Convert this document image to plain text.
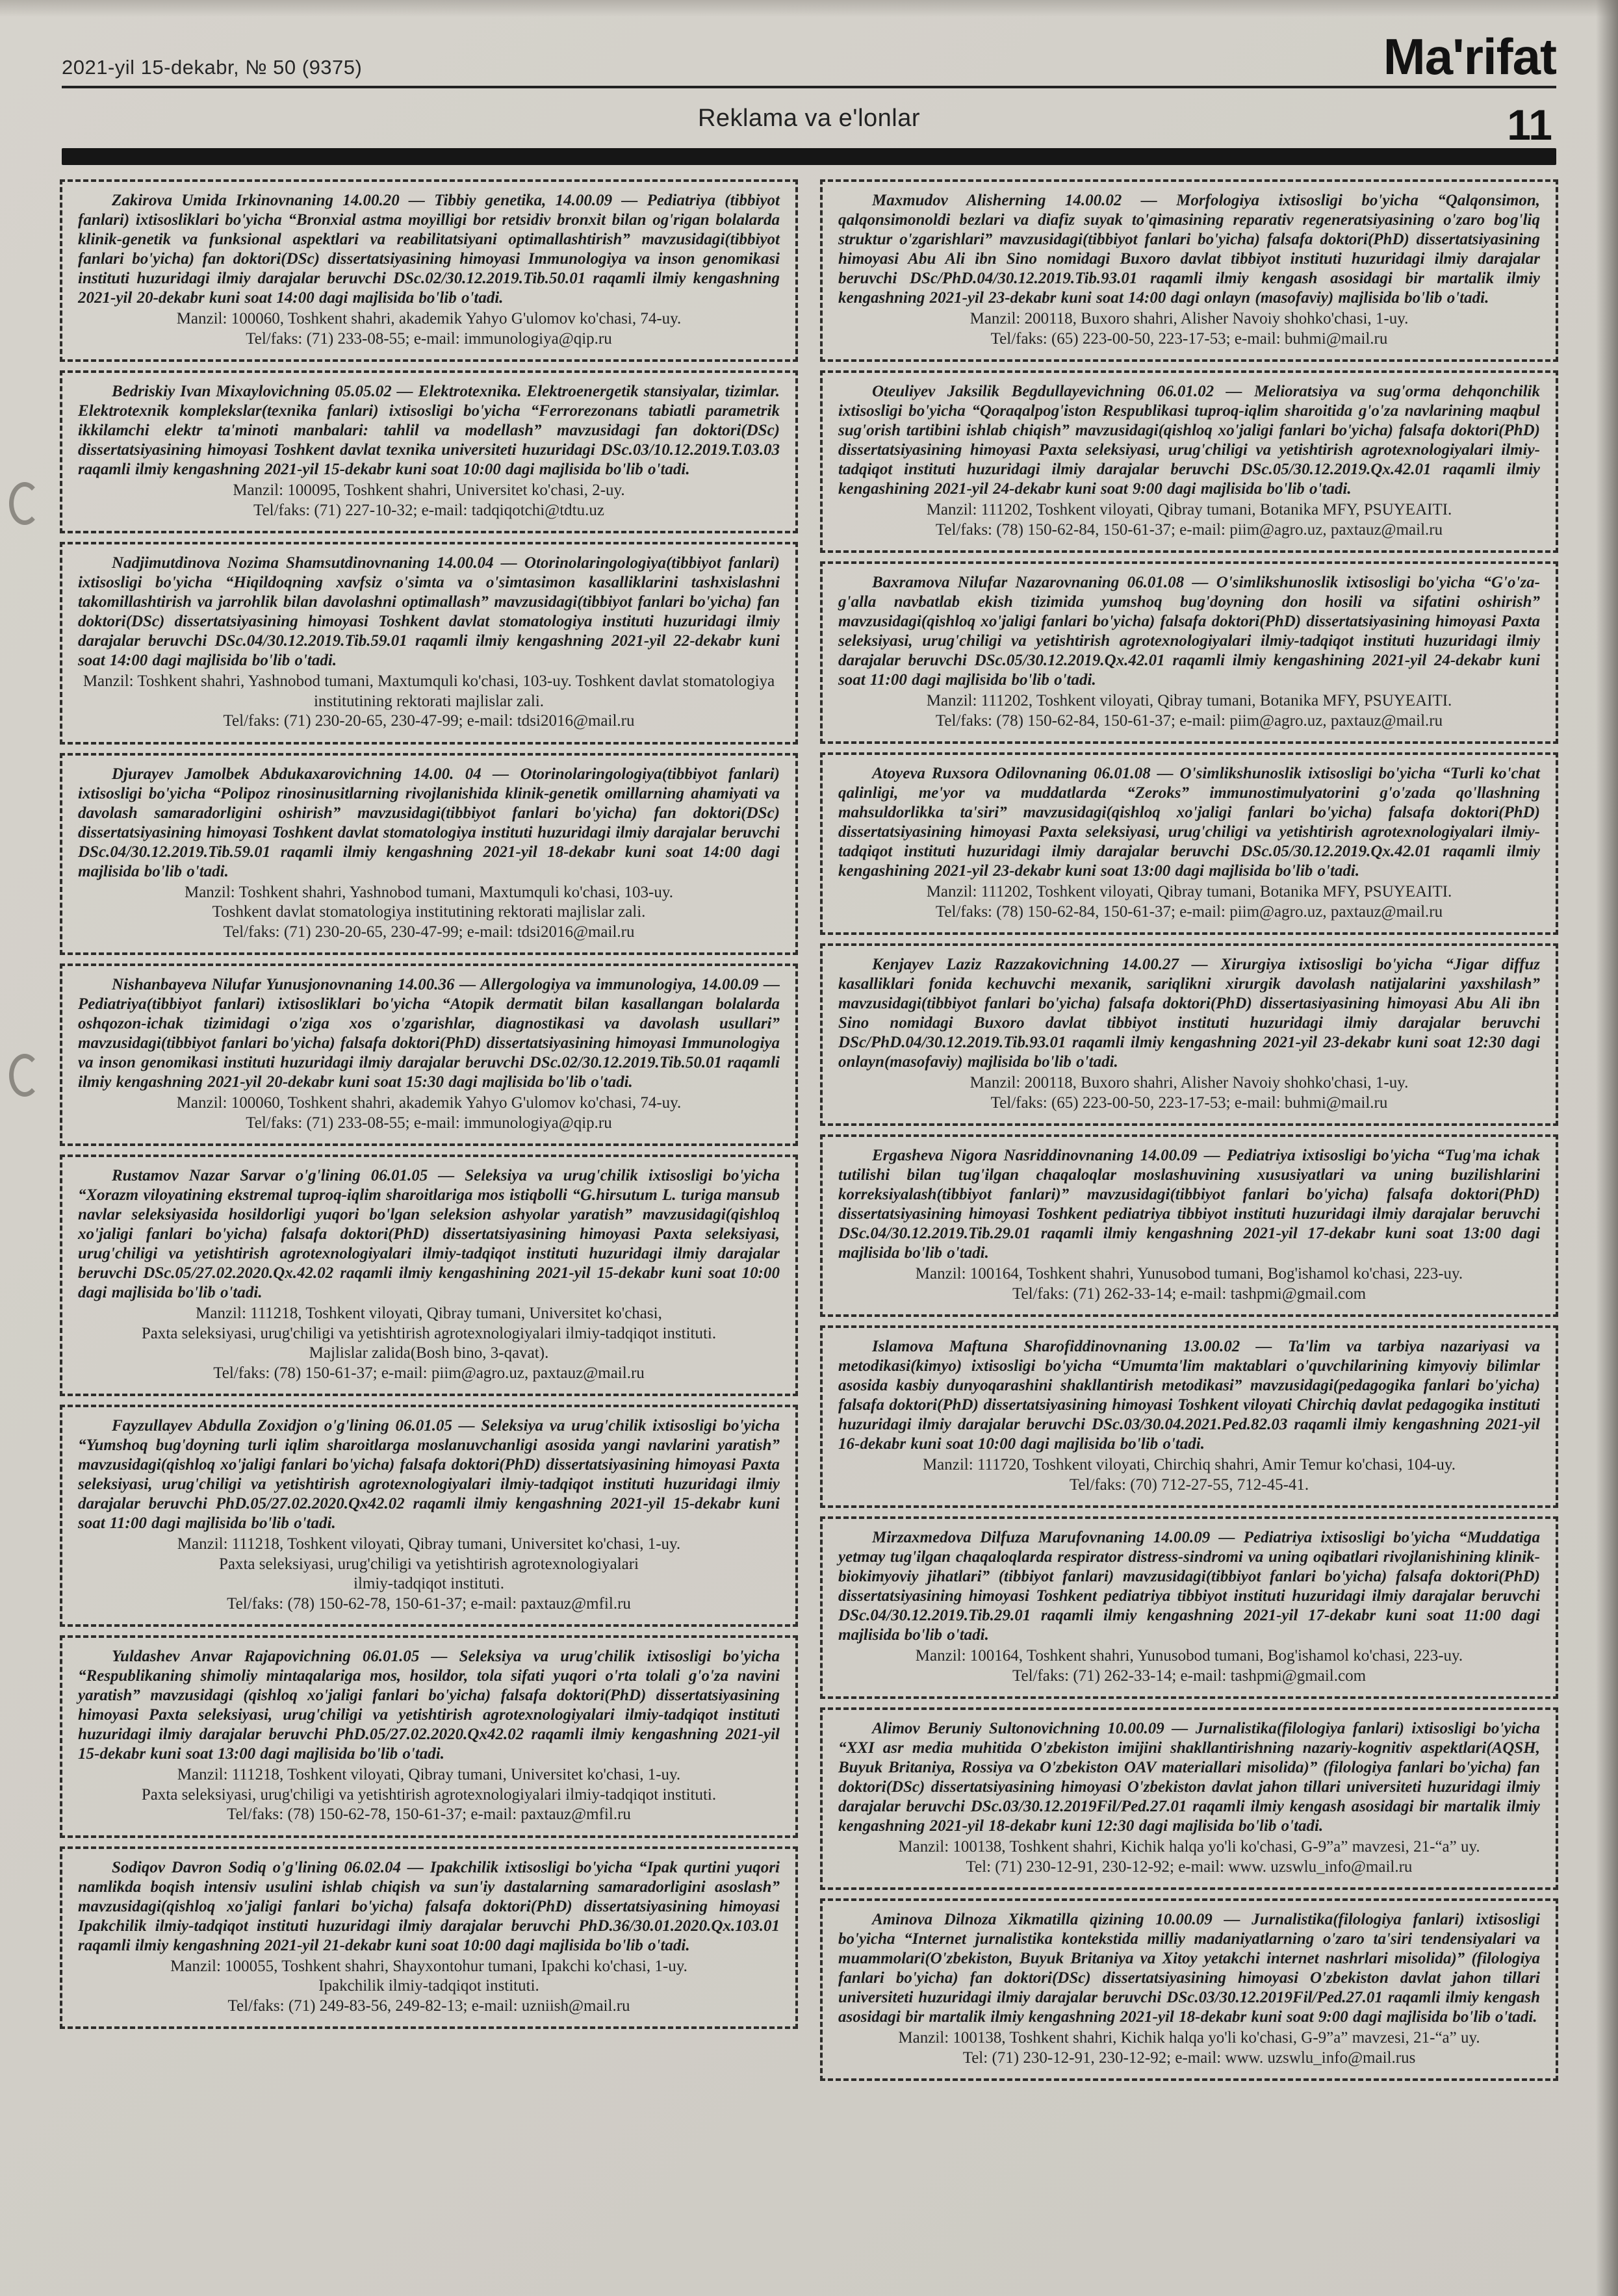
2021-yil 15-dekabr, № 50 (9375)	Ma'rifat
Reklama va e'lonlar	11

Zakirova Umida Irkinovnaning 14.00.20 — Tibbiy genetika, 14.00.09 — Pediatriya (tibbiyot fanlari) ixtisosliklari bo'yicha “Bronxial astma moyilligi bor retsidiv bronxit bilan og'rigan bolalarda klinik-genetik va funksional aspektlari va reabilitatsiyani optimallashtirish” mavzusidagi(tibbiyot fanlari bo'yicha) fan doktori(DSc) dissertatsiyasining himoyasi Immunologiya va inson genomikasi instituti huzuridagi ilmiy darajalar beruvchi DSc.02/30.12.2019.Tib.50.01 raqamli ilmiy kengashning 2021-yil 20-dekabr kuni soat 14:00 dagi majlisida bo'lib o'tadi.

Manzil: 100060, Toshkent shahri, akademik Yahyo G'ulomov ko'chasi, 74-uy.

Tel/faks: (71) 233-08-55; e-mail: immunologiya@qip.ru

Bedriskiy Ivan Mixaylovichning 05.05.02 — Elektrotexnika. Elektroenergetik stansiyalar, tizimlar. Elektrotexnik komplekslar(texnika fanlari) ixtisosligi bo'yicha “Ferrorezonans tabiatli parametrik ikkilamchi elektr ta'minoti manbalari: tahlil va modellash” mavzusidagi fan doktori(DSc) dissertatsiyasining himoyasi Toshkent davlat texnika universiteti huzuridagi DSc.03/10.12.2019.T.03.03 raqamli ilmiy kengashning 2021-yil 15-dekabr kuni soat 10:00 dagi majlisida bo'lib o'tadi.

Manzil: 100095, Toshkent shahri, Universitet ko'chasi, 2-uy.

Tel/faks: (71) 227-10-32; e-mail: tadqiqotchi@tdtu.uz

Nadjimutdinova Nozima Shamsutdinovnaning 14.00.04 — Otorinolaringologiya(tibbiyot fanlari) ixtisosligi bo'yicha “Hiqildoqning xavfsiz o'simta va o'simtasimon kasalliklarini tashxislashni takomillashtirish va jarrohlik bilan davolashni optimallash” mavzusidagi(tibbiyot fanlari bo'yicha) fan doktori(DSc) dissertatsiyasining himoyasi Toshkent davlat stomatologiya instituti huzuridagi ilmiy darajalar beruvchi DSc.04/30.12.2019.Tib.59.01 raqamli ilmiy kengashning 2021-yil 22-dekabr kuni soat 14:00 dagi majlisida bo'lib o'tadi.

Manzil: Toshkent shahri, Yashnobod tumani, Maxtumquli ko'chasi, 103-uy. Toshkent davlat stomatologiya institutining rektorati majlislar zali.

Tel/faks: (71) 230-20-65, 230-47-99; e-mail: tdsi2016@mail.ru

Djurayev Jamolbek Abdukaxarovichning 14.00. 04 — Otorinolaringologiya(tibbiyot fanlari) ixtisosligi bo'yicha “Polipoz rinosinusitlarning rivojlanishida klinik-genetik omillarning ahamiyati va davolash samaradorligini oshirish” mavzusidagi(tibbiyot fanlari bo'yicha) fan doktori(DSc) dissertatsiyasining himoyasi Toshkent davlat stomatologiya instituti huzuridagi ilmiy darajalar beruvchi DSc.04/30.12.2019.Tib.59.01 raqamli ilmiy kengashning 2021-yil 18-dekabr kuni soat 14:00 dagi majlisida bo'lib o'tadi.

Manzil: Toshkent shahri, Yashnobod tumani, Maxtumquli ko'chasi, 103-uy.

Toshkent davlat stomatologiya institutining rektorati majlislar zali.

Tel/faks: (71) 230-20-65, 230-47-99; e-mail: tdsi2016@mail.ru

Nishanbayeva Nilufar Yunusjonovnaning 14.00.36 — Allergologiya va immunologiya, 14.00.09 — Pediatriya(tibbiyot fanlari) ixtisosliklari bo'yicha “Atopik dermatit bilan kasallangan bolalarda oshqozon-ichak tizimidagi o'ziga xos o'zgarishlar, diagnostikasi va davolash usullari” mavzusidagi(tibbiyot fanlari bo'yicha) falsafa doktori(PhD) dissertatsiyasining himoyasi Immunologiya va inson genomikasi instituti huzuridagi ilmiy darajalar beruvchi DSc.02/30.12.2019.Tib.50.01 raqamli ilmiy kengashning 2021-yil 20-dekabr kuni soat 15:30 dagi majlisida bo'lib o'tadi.

Manzil: 100060, Toshkent shahri, akademik Yahyo G'ulomov ko'chasi, 74-uy.

Tel/faks: (71) 233-08-55; e-mail: immunologiya@qip.ru

Rustamov Nazar Sarvar o'g'lining 06.01.05 — Seleksiya va urug'chilik ixtisosligi bo'yicha “Xorazm viloyatining ekstremal tuproq-iqlim sharoitlariga mos istiqbolli “G.hirsutum L. turiga mansub navlar seleksiyasida hosildorligi yuqori bo'lgan seleksion ashyolar yaratish” mavzusidagi(qishloq xo'jaligi fanlari bo'yicha) falsafa doktori(PhD) dissertatsiyasining himoyasi Paxta seleksiyasi, urug'chiligi va yetishtirish agrotexnologiyalari ilmiy-tadqiqot instituti huzuridagi ilmiy darajalar beruvchi DSc.05/27.02.2020.Qx.42.02 raqamli ilmiy kengashining 2021-yil 15-dekabr kuni soat 10:00 dagi majlisida bo'lib o'tadi.

Manzil: 111218, Toshkent viloyati, Qibray tumani, Universitet ko'chasi,

Paxta seleksiyasi, urug'chiligi va yetishtirish agrotexnologiyalari ilmiy-tadqiqot instituti.

Majlislar zalida(Bosh bino, 3-qavat).

Tel/faks: (78) 150-61-37; e-mail: piim@agro.uz, paxtauz@mail.ru

Fayzullayev Abdulla Zoxidjon o'g'lining 06.01.05 — Seleksiya va urug'chilik ixtisosligi bo'yicha “Yumshoq bug'doyning turli iqlim sharoitlarga moslanuvchanligi asosida yangi navlarini yaratish” mavzusidagi(qishloq xo'jaligi fanlari bo'yicha) falsafa doktori(PhD) dissertatsiyasining himoyasi Paxta seleksiyasi, urug'chiligi va yetishtirish agrotexnologiyalari ilmiy-tadqiqot instituti huzuridagi ilmiy darajalar beruvchi PhD.05/27.02.2020.Qx42.02 raqamli ilmiy kengashning 2021-yil 15-dekabr kuni soat 11:00 dagi majlisida bo'lib o'tadi.

Manzil: 111218, Toshkent viloyati, Qibray tumani, Universitet ko'chasi, 1-uy.

Paxta seleksiyasi, urug'chiligi va yetishtirish agrotexnologiyalari

ilmiy-tadqiqot instituti.

Tel/faks: (78) 150-62-78, 150-61-37; e-mail: paxtauz@mfil.ru

Yuldashev Anvar Rajapovichning 06.01.05 — Seleksiya va urug'chilik ixtisosligi bo'yicha “Respublikaning shimoliy mintaqalariga mos, hosildor, tola sifati yuqori o'rta tolali g'o'za navini yaratish” mavzusidagi (qishloq xo'jaligi fanlari bo'yicha) falsafa doktori(PhD) dissertatsiyasining himoyasi Paxta seleksiyasi, urug'chiligi va yetishtirish agrotexnologiyalari ilmiy-tadqiqot instituti huzuridagi ilmiy darajalar beruvchi PhD.05/27.02.2020.Qx42.02 raqamli ilmiy kengashning 2021-yil 15-dekabr kuni soat 13:00 dagi majlisida bo'lib o'tadi.

Manzil: 111218, Toshkent viloyati, Qibray tumani, Universitet ko'chasi, 1-uy.

Paxta seleksiyasi, urug'chiligi va yetishtirish agrotexnologiyalari ilmiy-tadqiqot instituti.

Tel/faks: (78) 150-62-78, 150-61-37; e-mail: paxtauz@mfil.ru

Sodiqov Davron Sodiq o'g'lining 06.02.04 — Ipakchilik ixtisosligi bo'yicha “Ipak qurtini yuqori namlikda boqish intensiv usulini ishlab chiqish va sun'iy dastalarning samaradorligini asoslash” mavzusidagi(qishloq xo'jaligi fanlari bo'yicha) falsafa doktori(PhD) dissertatsiyasining himoyasi Ipakchilik ilmiy-tadqiqot instituti huzuridagi ilmiy darajalar beruvchi PhD.36/30.01.2020.Qx.103.01 raqamli ilmiy kengashning 2021-yil 21-dekabr kuni soat 10:00 dagi majlisida bo'lib o'tadi.

Manzil: 100055, Toshkent shahri, Shayxontohur tumani, Ipakchi ko'chasi, 1-uy.

Ipakchilik ilmiy-tadqiqot instituti.

Tel/faks: (71) 249-83-56, 249-82-13; e-mail: uzniish@mail.ru

Maxmudov Alisherning 14.00.02 — Morfologiya ixtisosligi bo'yicha “Qalqonsimon, qalqonsimonoldi bezlari va diafiz suyak to'qimasining reparativ regeneratsiyasining o'zaro bog'liq struktur o'zgarishlari” mavzusidagi(tibbiyot fanlari bo'yicha) falsafa doktori(PhD) dissertatsiyasining himoyasi Abu Ali ibn Sino nomidagi Buxoro davlat tibbiyot instituti huzuridagi ilmiy darajalar beruvchi DSc/PhD.04/30.12.2019.Tib.93.01 raqamli ilmiy kengash asosidagi bir martalik ilmiy kengashning 2021-yil 23-dekabr kuni soat 14:00 dagi onlayn (masofaviy) majlisida bo'lib o'tadi.

Manzil: 200118, Buxoro shahri, Alisher Navoiy shohko'chasi, 1-uy.

Tel/faks: (65) 223-00-50, 223-17-53; e-mail: buhmi@mail.ru

Oteuliyev Jaksilik Begdullayevichning 06.01.02 — Melioratsiya va sug'orma dehqonchilik ixtisosligi bo'yicha “Qoraqalpog'iston Respublikasi tuproq-iqlim sharoitida g'o'za navlarining maqbul sug'orish tartibini ishlab chiqish” mavzusidagi(qishloq xo'jaligi fanlari bo'yicha) falsafa doktori(PhD) dissertatsiyasining himoyasi Paxta seleksiyasi, urug'chiligi va yetishtirish agrotexnologiyalari ilmiy-tadqiqot instituti huzuridagi ilmiy darajalar beruvchi DSc.05/30.12.2019.Qx.42.01 raqamli ilmiy kengashining 2021-yil 24-dekabr kuni soat 9:00 dagi majlisida bo'lib o'tadi.

Manzil: 111202, Toshkent viloyati, Qibray tumani, Botanika MFY, PSUYEAITI.

Tel/faks: (78) 150-62-84, 150-61-37; e-mail: piim@agro.uz, paxtauz@mail.ru

Baxramova Nilufar Nazarovnaning 06.01.08 — O'simlikshunoslik ixtisosligi bo'yicha “G'o'za-g'alla navbatlab ekish tizimida yumshoq bug'doyning don hosili va sifatini oshirish” mavzusidagi(qishloq xo'jaligi fanlari bo'yicha) falsafa doktori(PhD) dissertatsiyasining himoyasi Paxta seleksiyasi, urug'chiligi va yetishtirish agrotexnologiyalari ilmiy-tadqiqot instituti huzuridagi ilmiy darajalar beruvchi DSc.05/30.12.2019.Qx.42.01 raqamli ilmiy kengashining 2021-yil 24-dekabr kuni soat 11:00 dagi majlisida bo'lib o'tadi.

Manzil: 111202, Toshkent viloyati, Qibray tumani, Botanika MFY, PSUYEAITI.

Tel/faks: (78) 150-62-84, 150-61-37; e-mail: piim@agro.uz, paxtauz@mail.ru

Atoyeva Ruxsora Odilovnaning 06.01.08 — O'simlikshunoslik ixtisosligi bo'yicha “Turli ko'chat qalinligi, me'yor va muddatlarda “Zeroks” immunostimulyatorini g'o'zada qo'llashning mahsuldorlikka ta'siri” mavzusidagi(qishloq xo'jaligi fanlari bo'yicha) falsafa doktori(PhD) dissertatsiyasining himoyasi Paxta seleksiyasi, urug'chiligi va yetishtirish agrotexnologiyalari ilmiy-tadqiqot instituti huzuridagi ilmiy darajalar beruvchi DSc.05/30.12.2019.Qx.42.01 raqamli ilmiy kengashining 2021-yil 23-dekabr kuni soat 13:00 dagi majlisida bo'lib o'tadi.

Manzil: 111202, Toshkent viloyati, Qibray tumani, Botanika MFY, PSUYEAITI.

Tel/faks: (78) 150-62-84, 150-61-37; e-mail: piim@agro.uz, paxtauz@mail.ru

Kenjayev Laziz Razzakovichning 14.00.27 — Xirurgiya ixtisosligi bo'yicha “Jigar diffuz kasalliklari fonida kechuvchi mexanik, sariqlikni xirurgik davolash natijalarini yaxshilash” mavzusidagi(tibbiyot fanlari bo'yicha) falsafa doktori(PhD) dissertasiyasining himoyasi Abu Ali ibn Sino nomidagi Buxoro davlat tibbiyot instituti huzuridagi ilmiy darajalar beruvchi DSc/PhD.04/30.12.2019.Tib.93.01 raqamli ilmiy kengashning 2021-yil 23-dekabr kuni soat 12:30 dagi onlayn(masofaviy) majlisida bo'lib o'tadi.

Manzil: 200118, Buxoro shahri, Alisher Navoiy shohko'chasi, 1-uy.

Tel/faks: (65) 223-00-50, 223-17-53; e-mail: buhmi@mail.ru

Ergasheva Nigora Nasriddinovnaning 14.00.09 — Pediatriya ixtisosligi bo'yicha “Tug'ma ichak tutilishi bilan tug'ilgan chaqaloqlar moslashuvining xususiyatlari va uning buzilishlarini korreksiyalash(tibbiyot fanlari)” mavzusidagi(tibbiyot fanlari bo'yicha) falsafa doktori(PhD) dissertatsiyasining himoyasi Toshkent pediatriya tibbiyot instituti huzuridagi ilmiy darajalar beruvchi DSc.04/30.12.2019.Tib.29.01 raqamli ilmiy kengashning 2021-yil 17-dekabr kuni soat 13:00 dagi majlisida bo'lib o'tadi.

Manzil: 100164, Toshkent shahri, Yunusobod tumani, Bog'ishamol ko'chasi, 223-uy.

Tel/faks: (71) 262-33-14; e-mail: tashpmi@gmail.com

Islamova Maftuna Sharofiddinovnaning 13.00.02 — Ta'lim va tarbiya nazariyasi va metodikasi(kimyo) ixtisosligi bo'yicha “Umumta'lim maktablari o'quvchilarining kimyoviy bilimlar asosida kasbiy dunyoqarashini shakllantirish metodikasi” mavzusidagi(pedagogika fanlari bo'yicha) falsafa doktori(PhD) dissertatsiyasining himoyasi Toshkent viloyati Chirchiq davlat pedagogika instituti huzuridagi ilmiy darajalar beruvchi DSc.03/30.04.2021.Ped.82.03 raqamli ilmiy kengashning 2021-yil 16-dekabr kuni soat 10:00 dagi majlisida bo'lib o'tadi.

Manzil: 111720, Toshkent viloyati, Chirchiq shahri, Amir Temur ko'chasi, 104-uy.

Tel/faks: (70) 712-27-55, 712-45-41.

Mirzaxmedova Dilfuza Marufovnaning 14.00.09 — Pediatriya ixtisosligi bo'yicha “Muddatiga yetmay tug'ilgan chaqaloqlarda respirator distress-sindromi va uning oqibatlari rivojlanishining klinik-biokimyoviy jihatlari” (tibbiyot fanlari) mavzusidagi(tibbiyot fanlari bo'yicha) falsafa doktori(PhD) dissertatsiyasining himoyasi Toshkent pediatriya tibbiyot instituti huzuridagi ilmiy darajalar beruvchi DSc.04/30.12.2019.Tib.29.01 raqamli ilmiy kengashning 2021-yil 17-dekabr kuni soat 11:00 dagi majlisida bo'lib o'tadi.

Manzil: 100164, Toshkent shahri, Yunusobod tumani, Bog'ishamol ko'chasi, 223-uy.

Tel/faks: (71) 262-33-14; e-mail: tashpmi@gmail.com

Alimov Beruniy Sultonovichning 10.00.09 — Jurnalistika(filologiya fanlari) ixtisosligi bo'yicha “XXI asr media muhitida O'zbekiston imijini shakllantirishning nazariy-kognitiv aspektlari(AQSH, Buyuk Britaniya, Rossiya va O'zbekiston OAV materiallari misolida)” (filologiya fanlari bo'yicha) fan doktori(DSc) dissertatsiyasining himoyasi O'zbekiston davlat jahon tillari universiteti huzuridagi ilmiy darajalar beruvchi DSc.03/30.12.2019Fil/Ped.27.01 raqamli ilmiy kengash asosidagi bir martalik ilmiy kengashning 2021-yil 18-dekabr kuni 12:30 dagi majlisida bo'lib o'tadi.

Manzil: 100138, Toshkent shahri, Kichik halqa yo'li ko'chasi, G-9”a” mavzesi, 21-“a” uy.

Tel: (71) 230-12-91, 230-12-92; e-mail: www. uzswlu_info@mail.ru

Aminova Dilnoza Xikmatilla qizining 10.00.09 — Jurnalistika(filologiya fanlari) ixtisosligi bo'yicha “Internet jurnalistika kontekstida milliy madaniyatlarning o'zaro ta'siri tendensiyalari va muammolari(O'zbekiston, Buyuk Britaniya va Xitoy yetakchi internet nashrlari misolida)” (filologiya fanlari bo'yicha) fan doktori(DSc) dissertatsiyasining himoyasi O'zbekiston davlat jahon tillari universiteti huzuridagi ilmiy darajalar beruvchi DSc.03/30.12.2019Fil/Ped.27.01 raqamli ilmiy kengash asosidagi bir martalik ilmiy kengashning 2021-yil 18-dekabr kuni soat 9:00 dagi majlisida bo'lib o'tadi.

Manzil: 100138, Toshkent shahri, Kichik halqa yo'li ko'chasi, G-9”a” mavzesi, 21-“a” uy.

Tel: (71) 230-12-91, 230-12-92; e-mail: www. uzswlu_info@mail.rus
